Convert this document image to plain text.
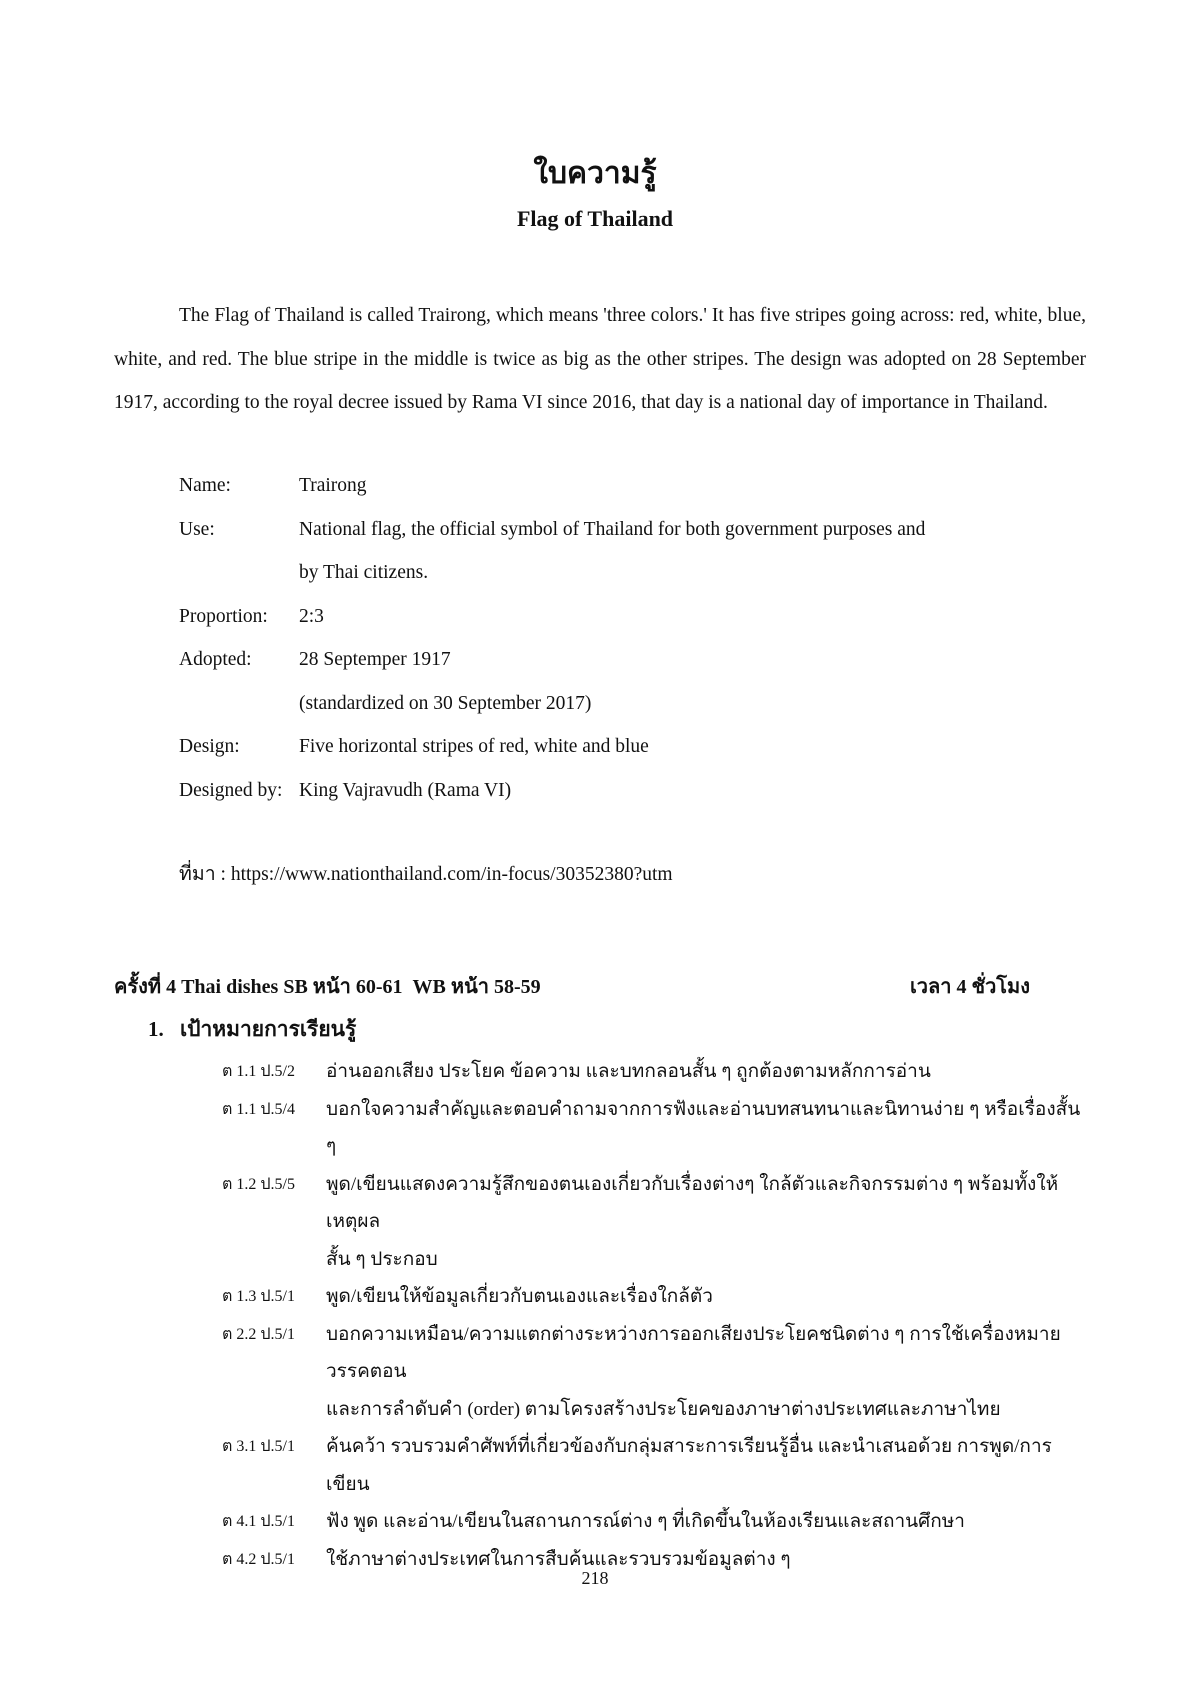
ใบความรู้
Flag of Thailand

The Flag of Thailand is called Trairong, which means 'three colors.' It has five stripes going across: red, white, blue, white, and red. The blue stripe in the middle is twice as big as the other stripes. The design was adopted on 28 September 1917, according to the royal decree issued by Rama VI since 2016, that day is a national day of importance in Thailand.

Name:	Trairong
Use:	National flag, the official symbol of Thailand for both government purposes and
by Thai citizens.
Proportion:	2:3
Adopted:	28 Septemper 1917
(standardized on 30 September 2017)
Design:	Five horizontal stripes of red, white and blue
Designed by: King Vajravudh (Rama VI)
ที่มา : https://www.nationthailand.com/in-focus/30352380?utm
ครั้งที่ 4 Thai dishes SB หน้า 60-61  WB หน้า 58-59	เวลา 4 ชั่วโมง
1. เป้าหมายการเรียนรู้
ต 1.1 ป.5/2	อ่านออกเสียง ประโยค ข้อความ และบทกลอนสั้น ๆ ถูกต้องตามหลักการอ่าน
ต 1.1 ป.5/4	บอกใจความสำคัญและตอบคำถามจากการฟังและอ่านบทสนทนาและนิทานง่าย ๆ หรือเรื่องสั้น ๆ
ต 1.2 ป.5/5	พูด/เขียนแสดงความรู้สึกของตนเองเกี่ยวกับเรื่องต่างๆ ใกล้ตัวและกิจกรรมต่าง ๆ พร้อมทั้งให้เหตุผล
สั้น ๆ ประกอบ
ต 1.3 ป.5/1	พูด/เขียนให้ข้อมูลเกี่ยวกับตนเองและเรื่องใกล้ตัว
ต 2.2 ป.5/1	บอกความเหมือน/ความแตกต่างระหว่างการออกเสียงประโยคชนิดต่าง ๆ การใช้เครื่องหมายวรรคตอน
และการลำดับคำ (order) ตามโครงสร้างประโยคของภาษาต่างประเทศและภาษาไทย
ต 3.1 ป.5/1	ค้นคว้า รวบรวมคำศัพท์ที่เกี่ยวข้องกับกลุ่มสาระการเรียนรู้อื่น และนำเสนอด้วย การพูด/การเขียน
ต 4.1 ป.5/1	ฟัง พูด และอ่าน/เขียนในสถานการณ์ต่าง ๆ ที่เกิดขึ้นในห้องเรียนและสถานศึกษา
ต 4.2 ป.5/1	ใช้ภาษาต่างประเทศในการสืบค้นและรวบรวมข้อมูลต่าง ๆ
218
